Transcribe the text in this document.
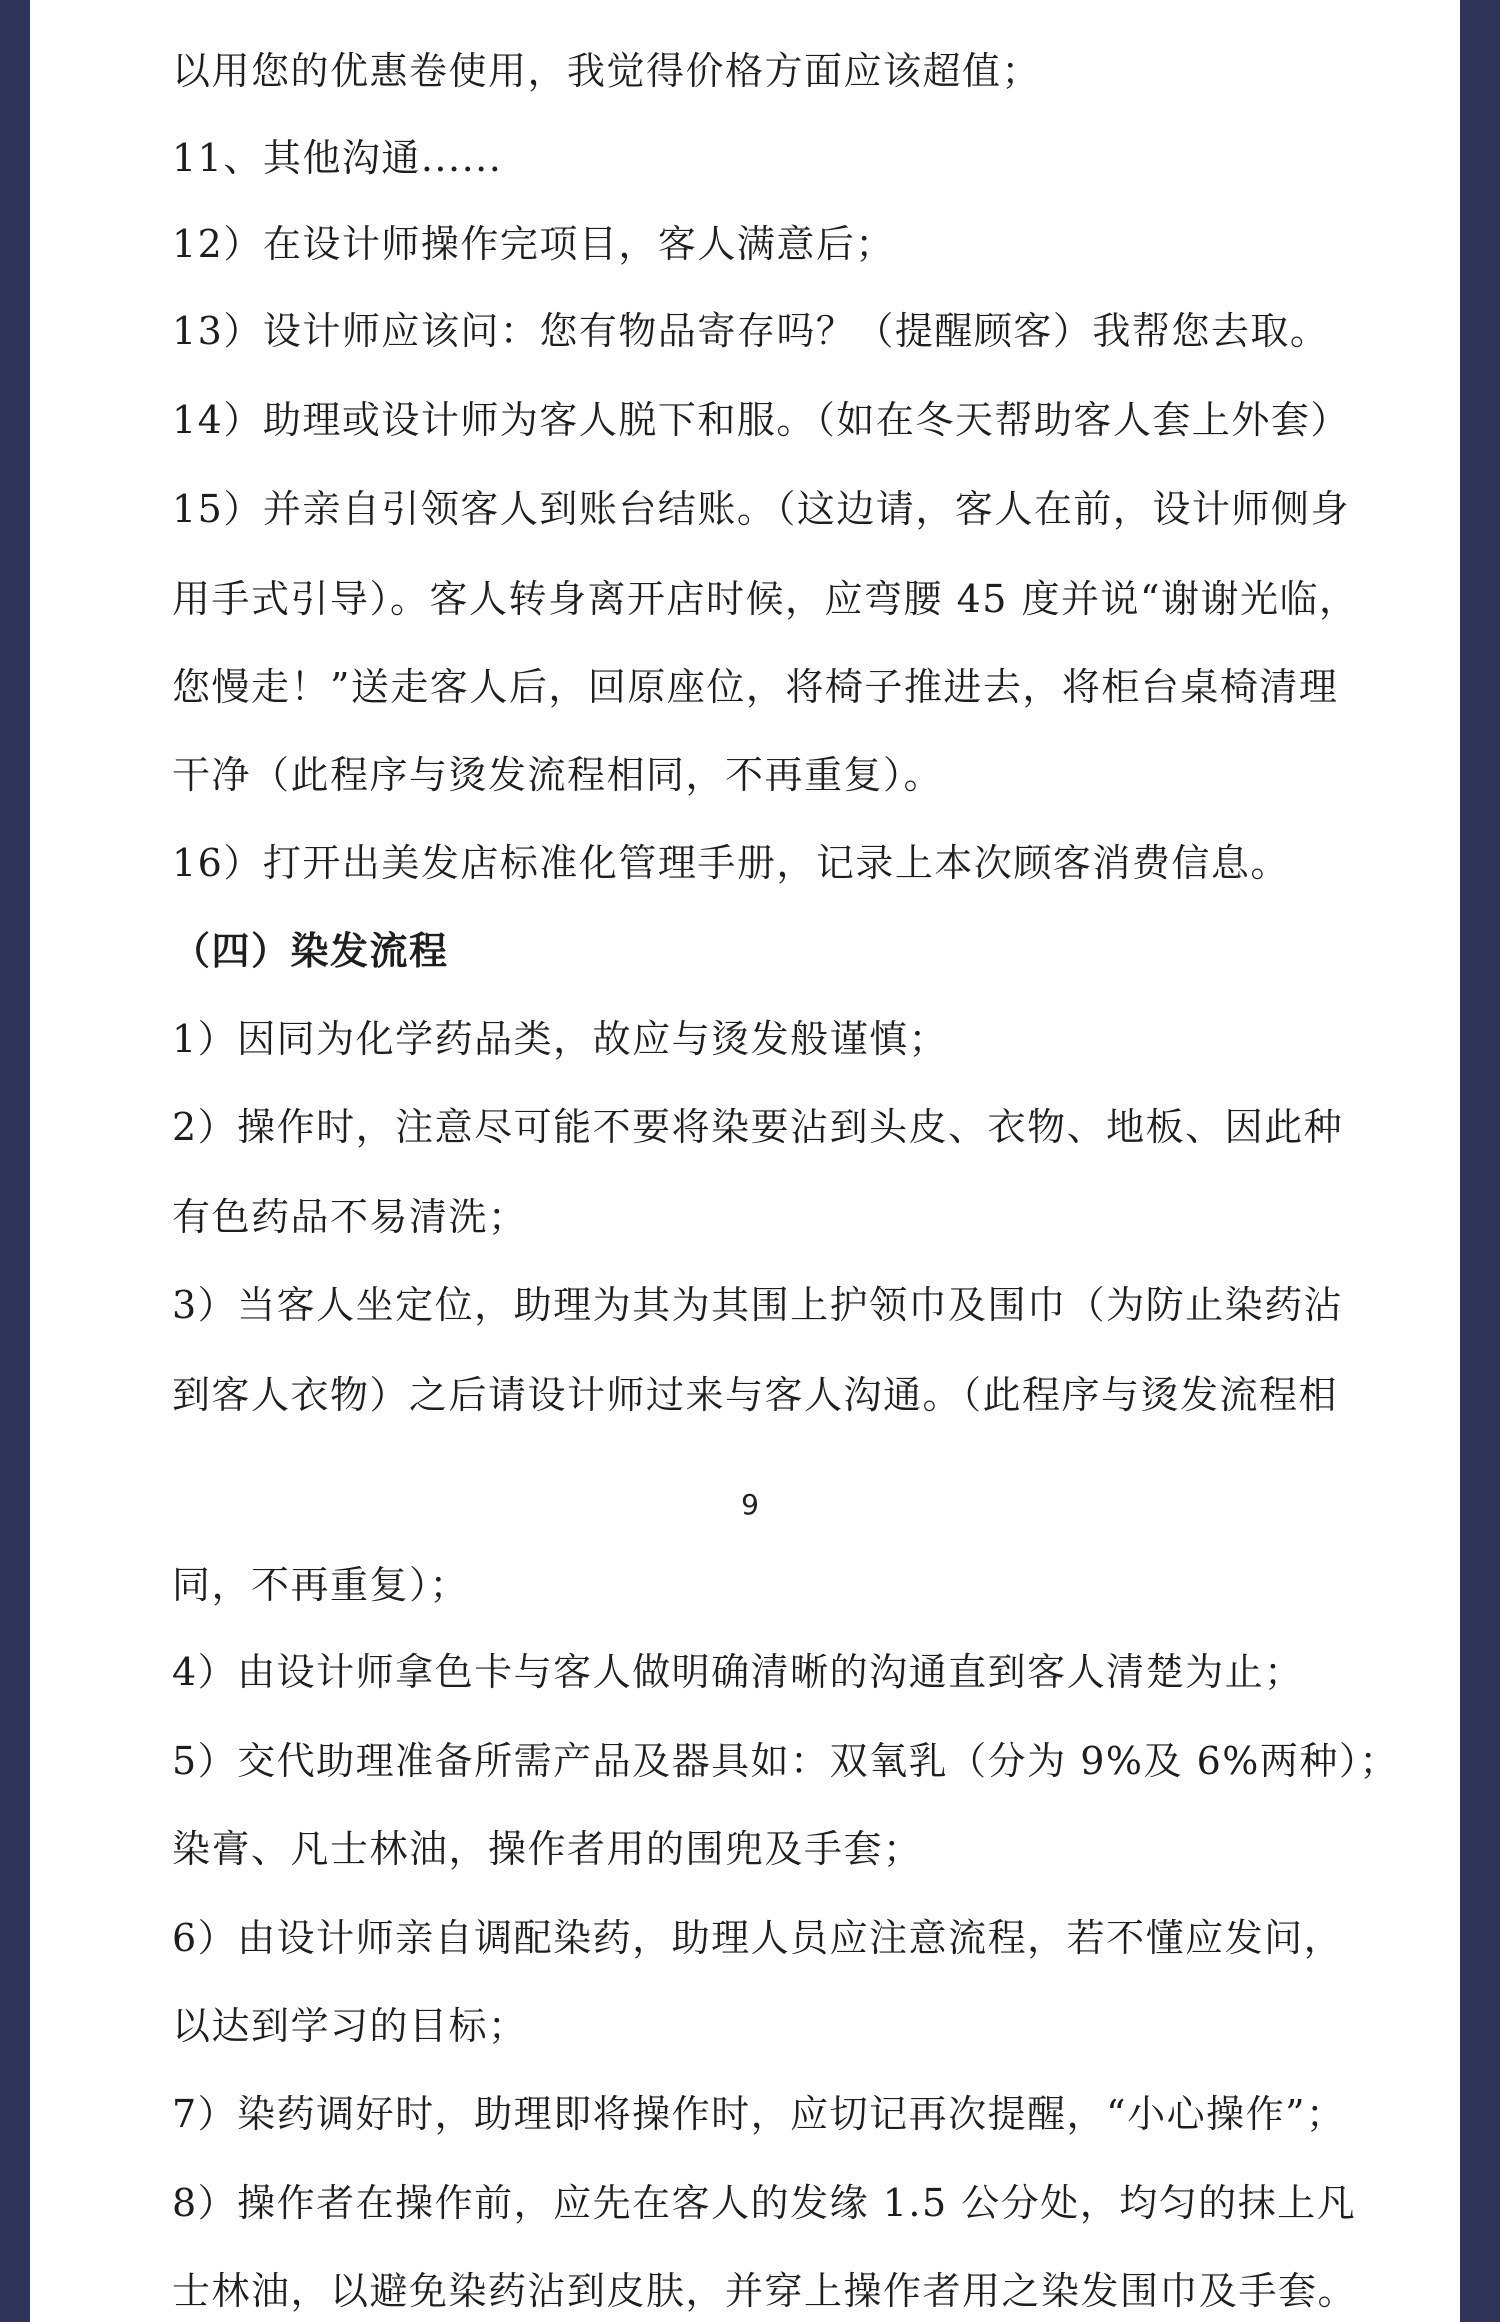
以用您的优惠卷使用，我觉得价格方面应该超值；
11、其他沟通......
12）在设计师操作完项目，客人满意后；
13）设计师应该问：您有物品寄存吗？（提醒顾客）我帮您去取。
14）助理或设计师为客人脱下和服。（如在冬天帮助客人套上外套）
15）并亲自引领客人到账台结账。（这边请，客人在前，设计师侧身
用手式引导）。客人转身离开店时候，应弯腰 45 度并说“谢谢光临，
您慢走！”送走客人后，回原座位，将椅子推进去，将柜台桌椅清理
干净（此程序与烫发流程相同，不再重复）。
16）打开出美发店标准化管理手册，记录上本次顾客消费信息。
（四）染发流程
1）因同为化学药品类，故应与烫发般谨慎；
2）操作时，注意尽可能不要将染要沾到头皮、衣物、地板、因此种
有色药品不易清洗；
3）当客人坐定位，助理为其为其围上护领巾及围巾（为防止染药沾
到客人衣物）之后请设计师过来与客人沟通。（此程序与烫发流程相
9
同，不再重复）；
4）由设计师拿色卡与客人做明确清晰的沟通直到客人清楚为止；
5）交代助理准备所需产品及器具如：双氧乳（分为 9%及 6%两种）；
染膏、凡士林油，操作者用的围兜及手套；
6）由设计师亲自调配染药，助理人员应注意流程，若不懂应发问，
以达到学习的目标；
7）染药调好时，助理即将操作时，应切记再次提醒，“小心操作”；
8）操作者在操作前，应先在客人的发缘 1.5 公分处，均匀的抹上凡
士林油，以避免染药沾到皮肤，并穿上操作者用之染发围巾及手套。
